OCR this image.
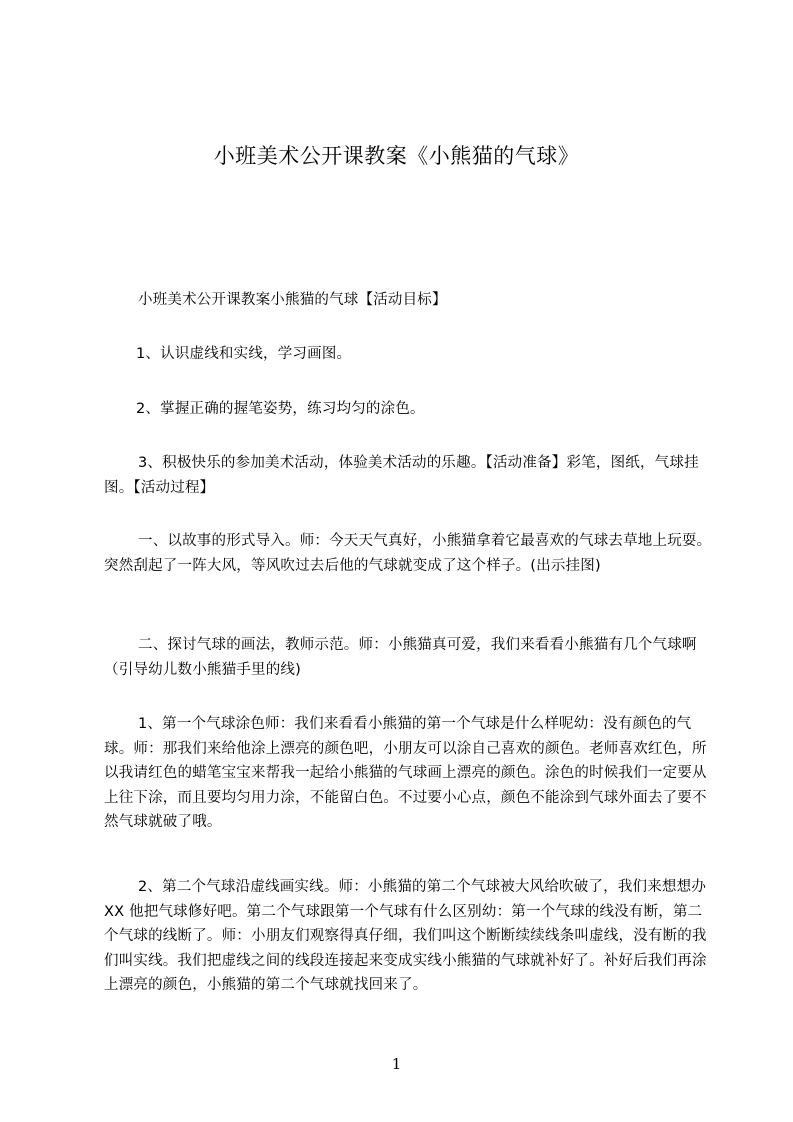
小班美术公开课教案《小熊猫的气球》

小班美术公开课教案小熊猫的气球【活动目标】

1、认识虚线和实线，学习画图。

2、掌握正确的握笔姿势，练习均匀的涂色。

3、积极快乐的参加美术活动，体验美术活动的乐趣。【活动准备】彩笔，图纸，气球挂图。【活动过程】

一、以故事的形式导入。师：今天天气真好，小熊猫拿着它最喜欢的气球去草地上玩耍。突然刮起了一阵大风，等风吹过去后他的气球就变成了这个样子。(出示挂图)

二、探讨气球的画法，教师示范。师：小熊猫真可爱，我们来看看小熊猫有几个气球啊（引导幼儿数小熊猫手里的线)

1、第一个气球涂色师：我们来看看小熊猫的第一个气球是什么样呢幼：没有颜色的气球。师：那我们来给他涂上漂亮的颜色吧，小朋友可以涂自己喜欢的颜色。老师喜欢红色，所以我请红色的蜡笔宝宝来帮我一起给小熊猫的气球画上漂亮的颜色。涂色的时候我们一定要从上往下涂，而且要均匀用力涂，不能留白色。不过要小心点，颜色不能涂到气球外面去了要不然气球就破了哦。

2、第二个气球沿虚线画实线。师：小熊猫的第二个气球被大风给吹破了，我们来想想办 XX 他把气球修好吧。第二个气球跟第一个气球有什么区别幼：第一个气球的线没有断，第二个气球的线断了。师：小朋友们观察得真仔细，我们叫这个断断续续线条叫虚线，没有断的我们叫实线。我们把虚线之间的线段连接起来变成实线小熊猫的气球就补好了。补好后我们再涂上漂亮的颜色，小熊猫的第二个气球就找回来了。

1
